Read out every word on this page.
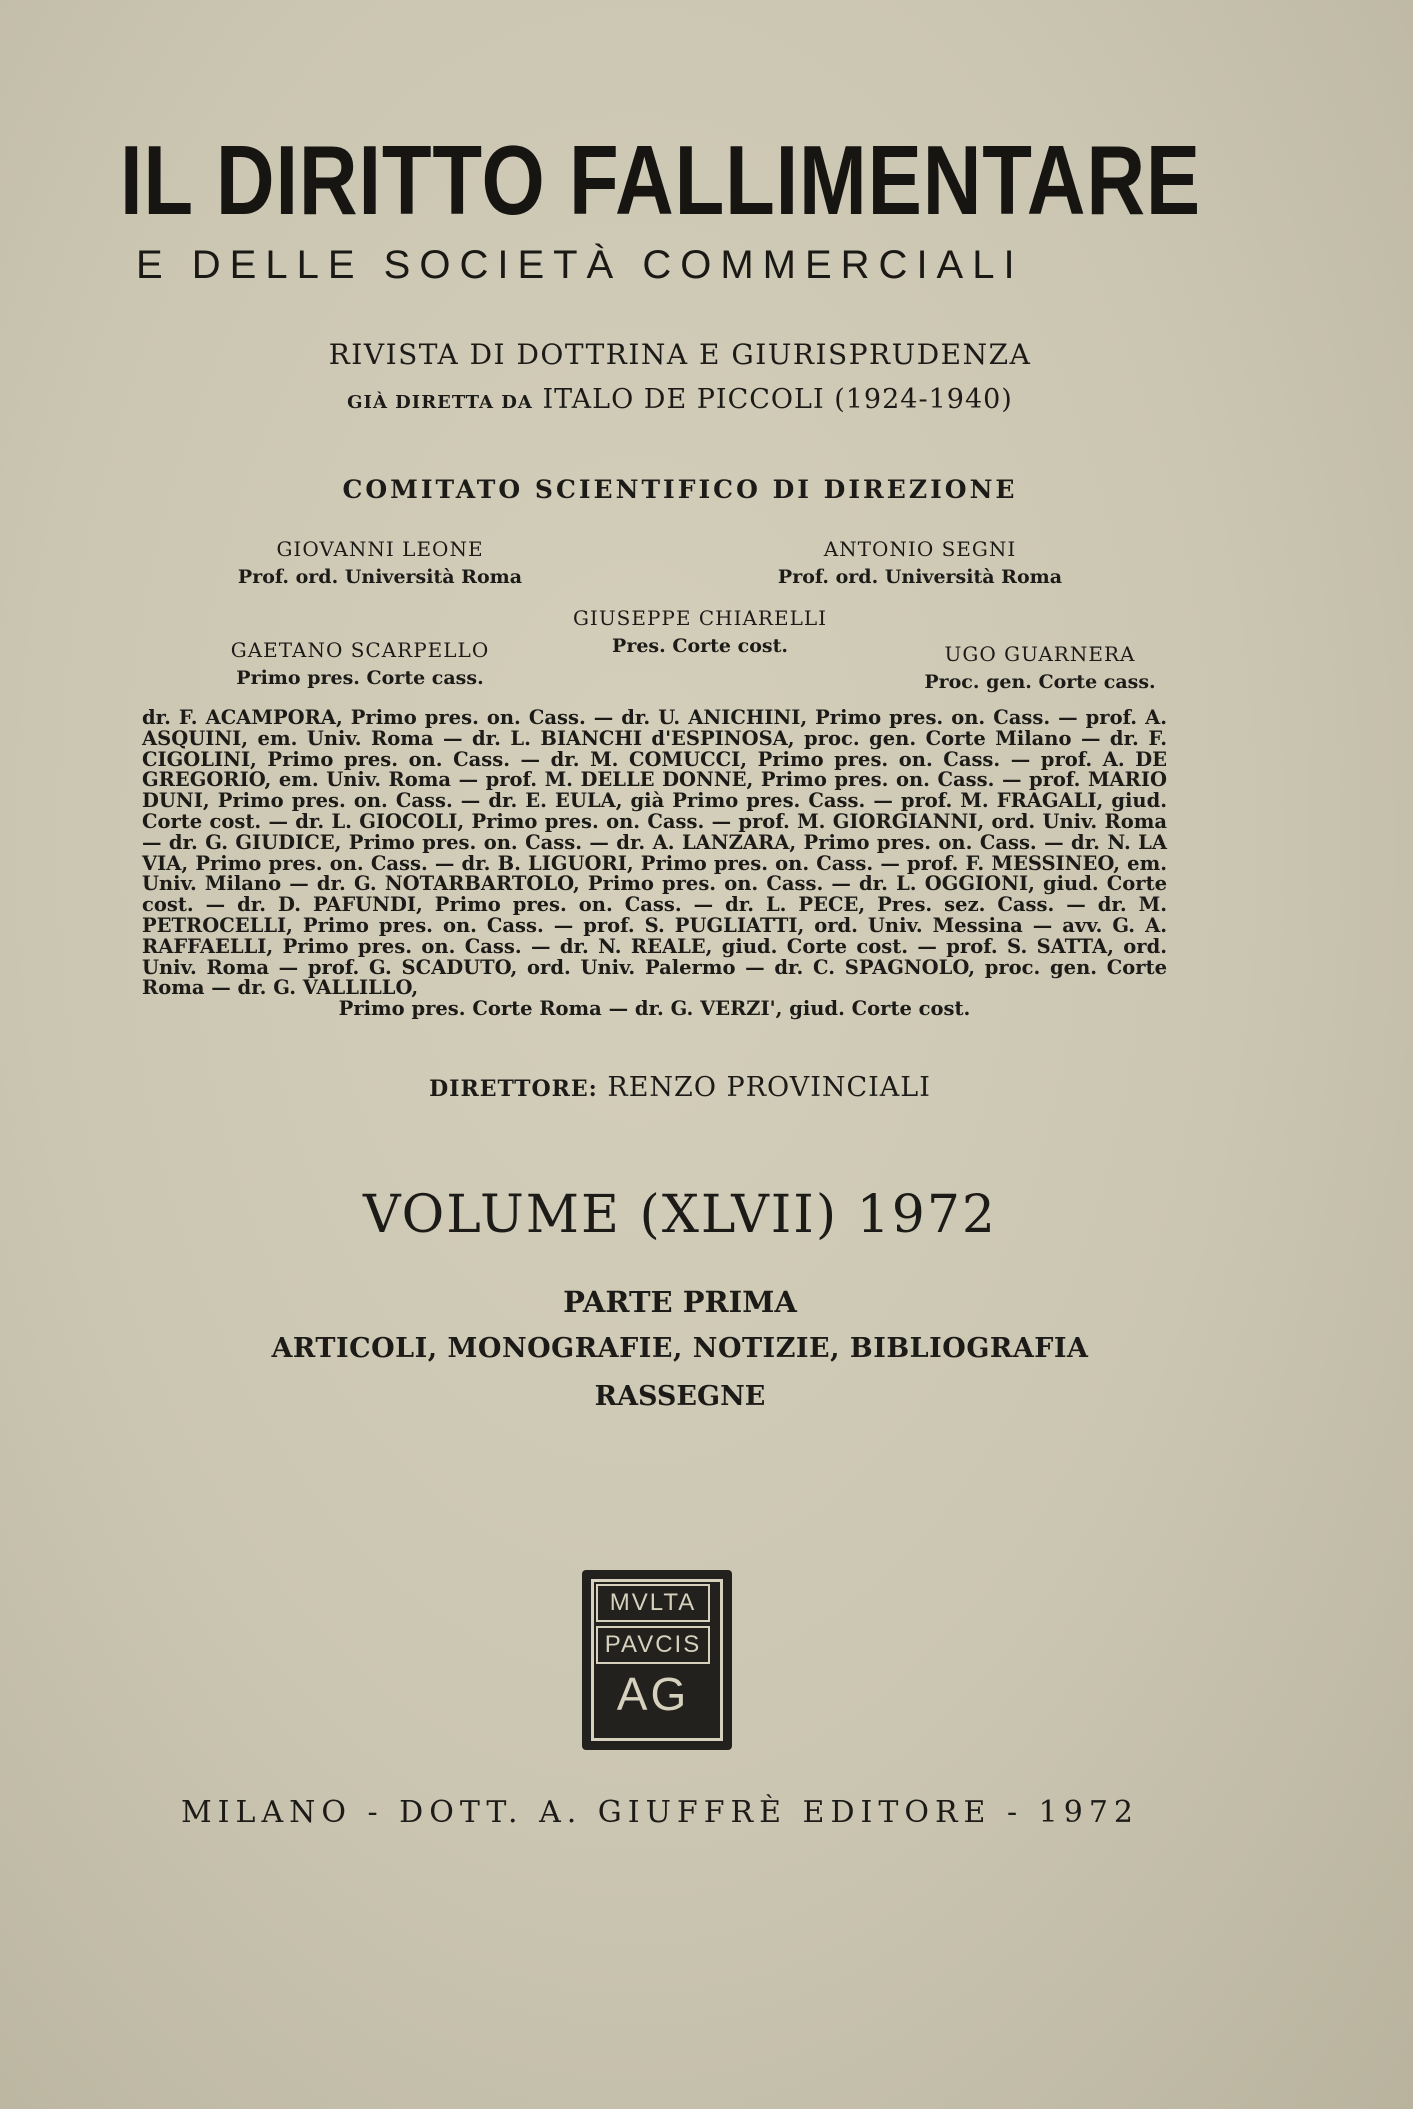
IL DIRITTO FALLIMENTARE
E DELLE SOCIETÀ COMMERCIALI
RIVISTA DI DOTTRINA E GIURISPRUDENZA
GIÀ DIRETTA DA ITALO DE PICCOLI (1924-1940)
COMITATO SCIENTIFICO DI DIREZIONE
GIOVANNI LEONE
Prof. ord. Università Roma
ANTONIO SEGNI
Prof. ord. Università Roma
GIUSEPPE CHIARELLI
Pres. Corte cost.
GAETANO SCARPELLO
Primo pres. Corte cass.
UGO GUARNERA
Proc. gen. Corte cass.

dr. F. ACAMPORA, Primo pres. on. Cass. — dr. U. ANICHINI, Primo pres. on. Cass. — prof. A. ASQUINI, em. Univ. Roma — dr. L. BIANCHI d'ESPINOSA, proc. gen. Corte Milano — dr. F. CIGOLINI, Primo pres. on. Cass. — dr. M. COMUCCI, Primo pres. on. Cass. — prof. A. DE GREGORIO, em. Univ. Roma — prof. M. DELLE DONNE, Primo pres. on. Cass. — prof. MARIO DUNI, Primo pres. on. Cass. — dr. E. EULA, già Primo pres. Cass. — prof. M. FRAGALI, giud. Corte cost. — dr. L. GIOCOLI, Primo pres. on. Cass. — prof. M. GIORGIANNI, ord. Univ. Roma — dr. G. GIUDICE, Primo pres. on. Cass. — dr. A. LANZARA, Primo pres. on. Cass. — dr. N. LA VIA, Primo pres. on. Cass. — dr. B. LIGUORI, Primo pres. on. Cass. — prof. F. MESSINEO, em. Univ. Milano — dr. G. NOTARBARTOLO, Primo pres. on. Cass. — dr. L. OGGIONI, giud. Corte cost. — dr. D. PAFUNDI, Primo pres. on. Cass. — dr. L. PECE, Pres. sez. Cass. — dr. M. PETROCELLI, Primo pres. on. Cass. — prof. S. PUGLIATTI, ord. Univ. Messina — avv. G. A. RAFFAELLI, Primo pres. on. Cass. — dr. N. REALE, giud. Corte cost. — prof. S. SATTA, ord. Univ. Roma — prof. G. SCADUTO, ord. Univ. Palermo — dr. C. SPAGNOLO, proc. gen. Corte Roma — dr. G. VALLILLO,

Primo pres. Corte Roma — dr. G. VERZI', giud. Corte cost.

DIRETTORE: RENZO PROVINCIALI
VOLUME (XLVII) 1972
PARTE PRIMA
ARTICOLI, MONOGRAFIE, NOTIZIE, BIBLIOGRAFIA
RASSEGNE
MVLTA
PAVCIS
AG
MILANO - DOTT. A. GIUFFRÈ EDITORE - 1972
